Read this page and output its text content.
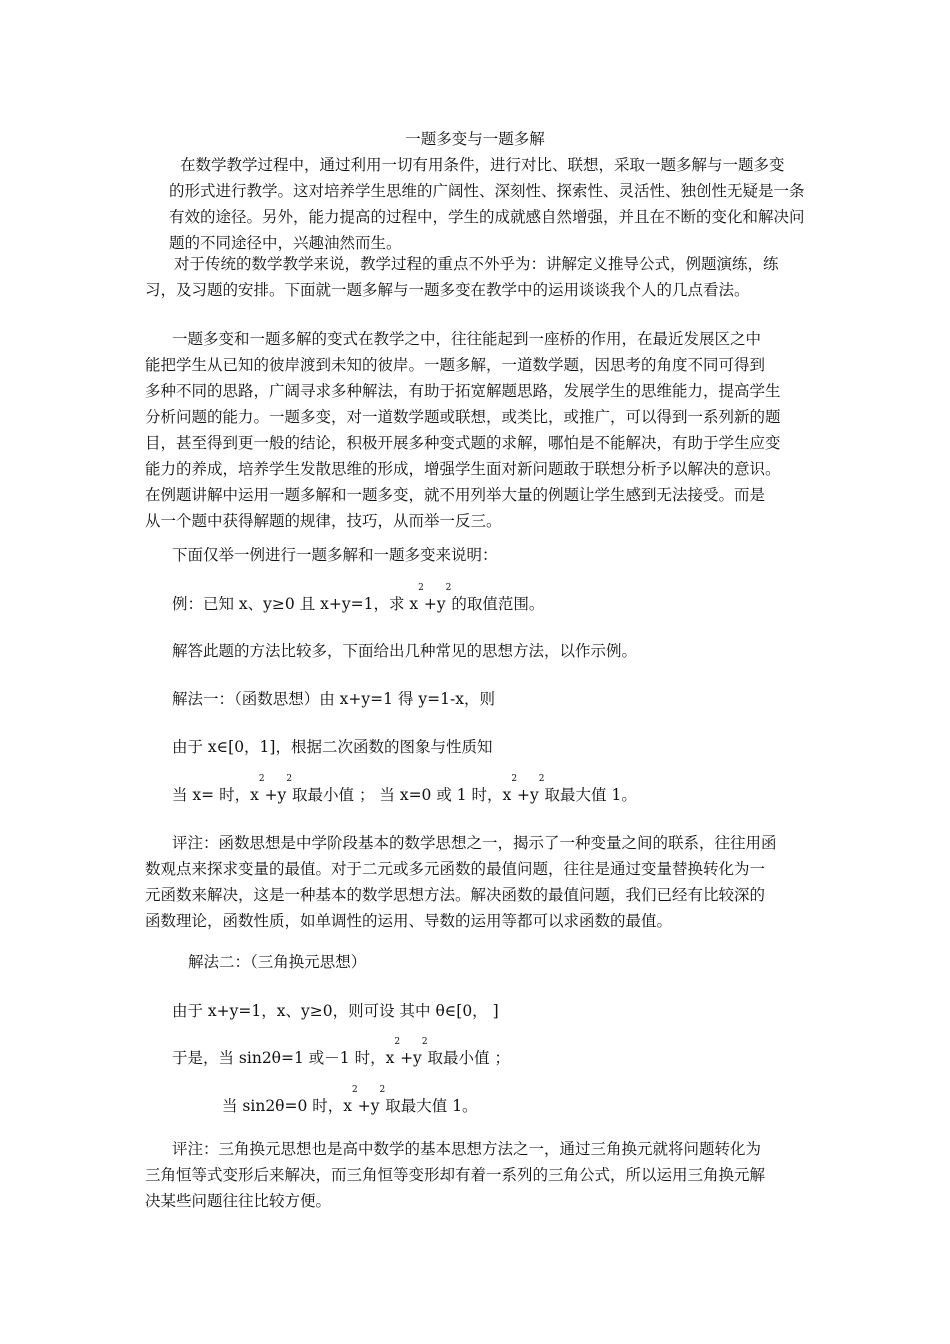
一题多变与一题多解
在数学教学过程中，通过利用一切有用条件，进行对比、联想，采取一题多解与一题多变
的形式进行教学。这对培养学生思维的广阔性、深刻性、探索性、灵活性、独创性无疑是一条
有效的途径。另外，能力提高的过程中，学生的成就感自然增强，并且在不断的变化和解决问
题的不同途径中，兴趣油然而生。
对于传统的数学教学来说，教学过程的重点不外乎为：讲解定义推导公式，例题演练，练
习，及习题的安排。下面就一题多解与一题多变在教学中的运用谈谈我个人的几点看法。
一题多变和一题多解的变式在教学之中，往往能起到一座桥的作用，在最近发展区之中
能把学生从已知的彼岸渡到未知的彼岸。一题多解，一道数学题，因思考的角度不同可得到
多种不同的思路，广阔寻求多种解法，有助于拓宽解题思路，发展学生的思维能力，提高学生
分析问题的能力。一题多变，对一道数学题或联想，或类比，或推广，可以得到一系列新的题
目，甚至得到更一般的结论，积极开展多种变式题的求解，哪怕是不能解决，有助于学生应变
能力的养成，培养学生发散思维的形成，增强学生面对新问题敢于联想分析予以解决的意识。
在例题讲解中运用一题多解和一题多变，就不用列举大量的例题让学生感到无法接受。而是
从一个题中获得解题的规律，技巧，从而举一反三。
下面仅举一例进行一题多解和一题多变来说明：
例：已知 x、y≥0 且 x+y=1，求 $x^2+y^2$的取值范围。
解答此题的方法比较多，下面给出几种常见的思想方法，以作示例。
解法一：（函数思想）由 x+y=1 得 y=1-x，则
由于 x∈[0，1]，根据二次函数的图象与性质知
当 x= 时，$x^2+y^2$取最小值 ； 当 x=0 或 1 时，$x^2+y^2$取最大值 1。
评注：函数思想是中学阶段基本的数学思想之一，揭示了一种变量之间的联系，往往用函
数观点来探求变量的最值。对于二元或多元函数的最值问题，往往是通过变量替换转化为一
元函数来解决，这是一种基本的数学思想方法。解决函数的最值问题，我们已经有比较深的
函数理论，函数性质，如单调性的运用、导数的运用等都可以求函数的最值。
解法二：（三角换元思想）
由于 x+y=1，x、y≥0，则可设 其中 θ∈[0， ]
于是，当 sin2θ=1 或－1 时，$x^2+y^2$取最小值 ；
当 sin2θ=0 时，$x^2+y^2$取最大值 1。
评注：三角换元思想也是高中数学的基本思想方法之一，通过三角换元就将问题转化为
三角恒等式变形后来解决，而三角恒等变形却有着一系列的三角公式，所以运用三角换元解
决某些问题往往比较方便。
